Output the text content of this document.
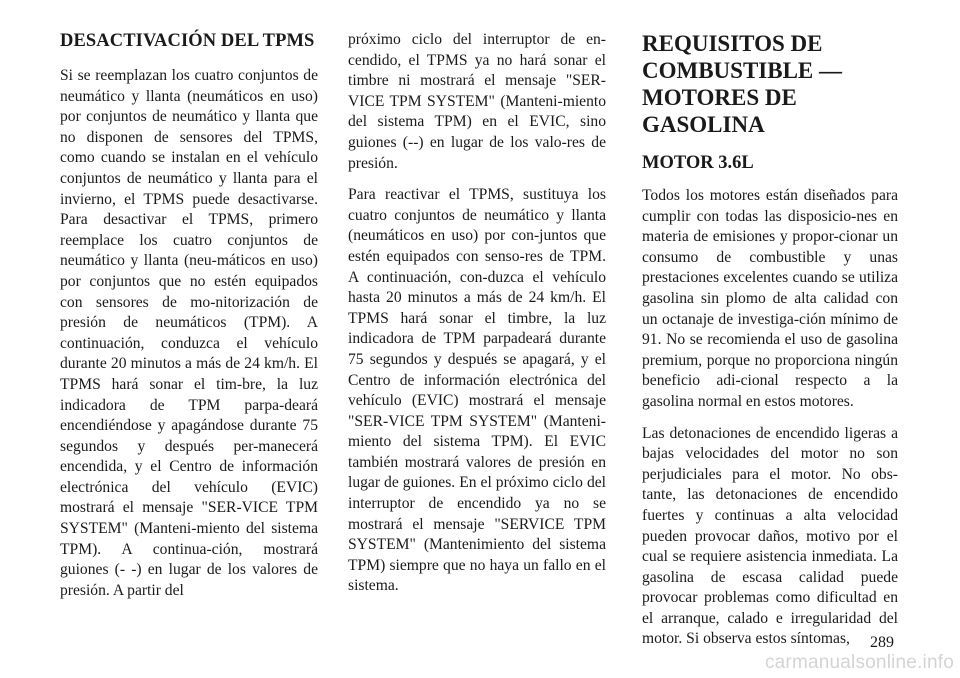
DESACTIVACIÓN DEL TPMS

Si se reemplazan los cuatro conjuntos de neumático y llanta (neumáticos en uso) por conjuntos de neumático y llanta que no disponen de sensores del TPMS, como cuando se instalan en el vehículo conjuntos de neumático y llanta para el invierno, el TPMS puede desactivarse. Para desactivar el TPMS, primero reemplace los cuatro conjuntos de neumático y llanta (neu-máticos en uso) por conjuntos que no estén equipados con sensores de mo-nitorización de presión de neumáticos (TPM). A continuación, conduzca el vehículo durante 20 minutos a más de 24 km/h. El TPMS hará sonar el tim-bre, la luz indicadora de TPM parpa-deará encendiéndose y apagándose durante 75 segundos y después per-manecerá encendida, y el Centro de información electrónica del vehículo (EVIC) mostrará el mensaje "SER-VICE TPM SYSTEM" (Manteni-miento del sistema TPM). A continua-ción, mostrará guiones (- -) en lugar de los valores de presión. A partir del

próximo ciclo del interruptor de en-cendido, el TPMS ya no hará sonar el timbre ni mostrará el mensaje "SER-VICE TPM SYSTEM" (Manteni-miento del sistema TPM) en el EVIC, sino guiones (--) en lugar de los valo-res de presión.

Para reactivar el TPMS, sustituya los cuatro conjuntos de neumático y llanta (neumáticos en uso) por con-juntos que estén equipados con senso-res de TPM. A continuación, con-duzca el vehículo hasta 20 minutos a más de 24 km/h. El TPMS hará sonar el timbre, la luz indicadora de TPM parpadeará durante 75 segundos y después se apagará, y el Centro de información electrónica del vehículo (EVIC) mostrará el mensaje "SER-VICE TPM SYSTEM" (Manteni-miento del sistema TPM). El EVIC también mostrará valores de presión en lugar de guiones. En el próximo ciclo del interruptor de encendido ya no se mostrará el mensaje "SERVICE TPM SYSTEM" (Mantenimiento del sistema TPM) siempre que no haya un fallo en el sistema.

REQUISITOS DE COMBUSTIBLE — MOTORES DE GASOLINA
MOTOR 3.6L

Todos los motores están diseñados para cumplir con todas las disposicio-nes en materia de emisiones y propor-cionar un consumo de combustible y unas prestaciones excelentes cuando se utiliza gasolina sin plomo de alta calidad con un octanaje de investiga-ción mínimo de 91. No se recomienda el uso de gasolina premium, porque no proporciona ningún beneficio adi-cional respecto a la gasolina normal en estos motores.

Las detonaciones de encendido ligeras a bajas velocidades del motor no son perjudiciales para el motor. No obs-tante, las detonaciones de encendido fuertes y continuas a alta velocidad pueden provocar daños, motivo por el cual se requiere asistencia inmediata. La gasolina de escasa calidad puede provocar problemas como dificultad en el arranque, calado e irregularidad del motor. Si observa estos síntomas,	289
carmanualsonline.info
